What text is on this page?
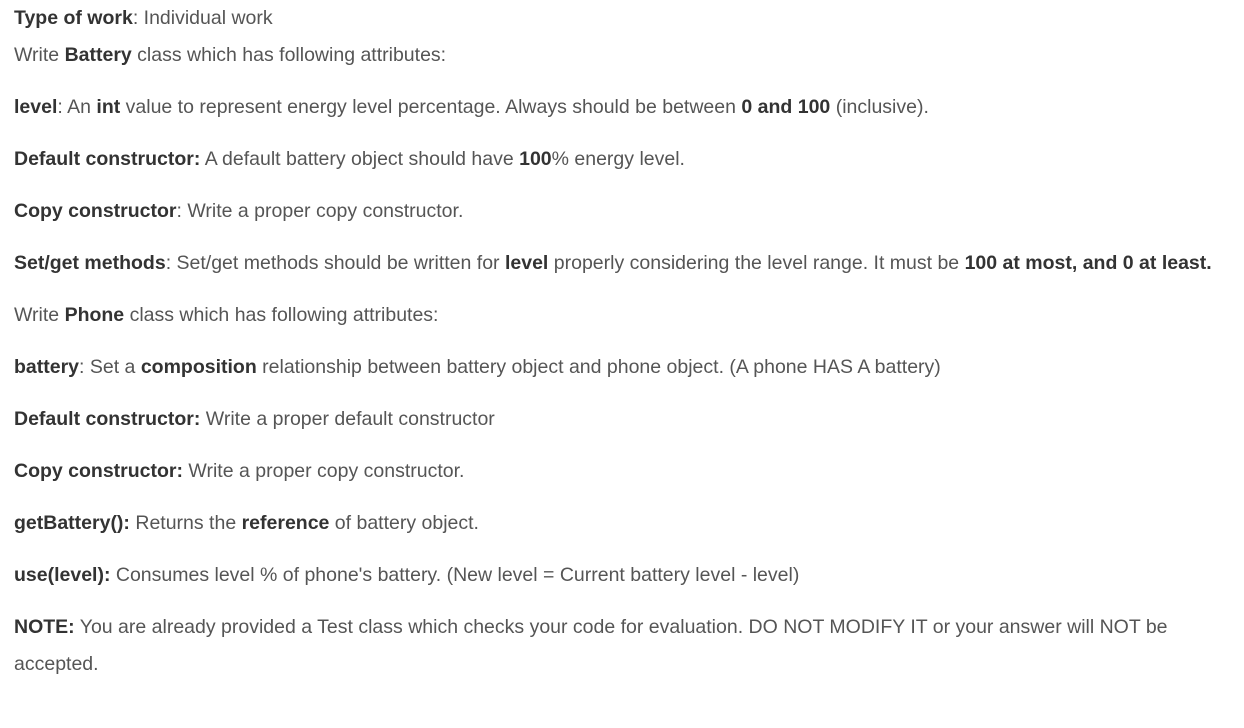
Type of work: Individual work

Write Battery class which has following attributes:

level: An int value to represent energy level percentage. Always should be between 0 and 100 (inclusive).

Default constructor: A default battery object should have 100% energy level.

Copy constructor: Write a proper copy constructor.

Set/get methods: Set/get methods should be written for level properly considering the level range. It must be 100 at most, and 0 at least.

Write Phone class which has following attributes:

battery: Set a composition relationship between battery object and phone object. (A phone HAS A battery)

Default constructor: Write a proper default constructor

Copy constructor: Write a proper copy constructor.

getBattery(): Returns the reference of battery object.

use(level): Consumes level % of phone's battery. (New level = Current battery level - level)

NOTE: You are already provided a Test class which checks your code for evaluation. DO NOT MODIFY IT or your answer will NOT be accepted.
